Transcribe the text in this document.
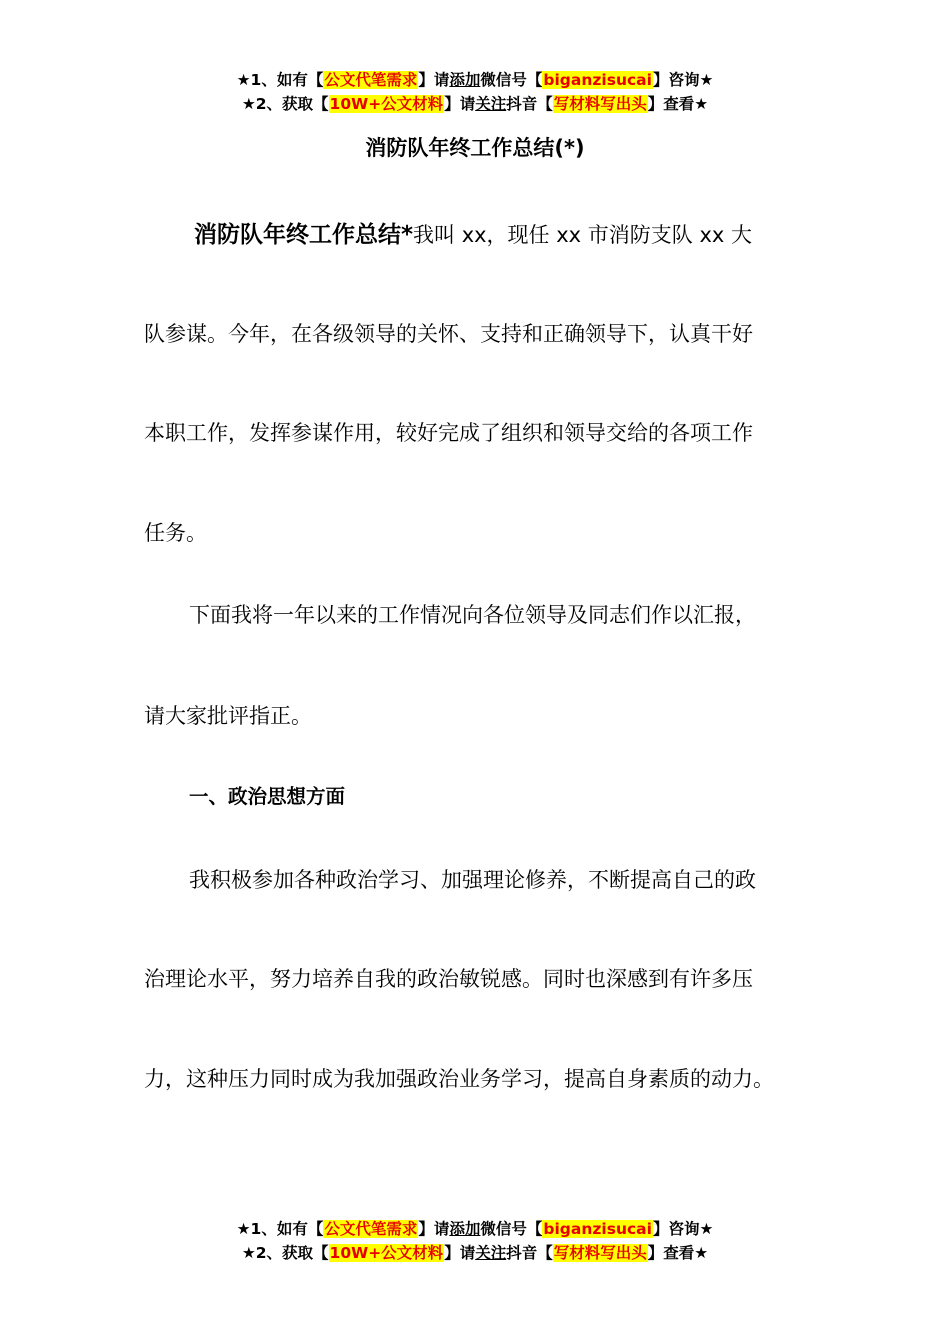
★1、如有【公文代笔需求】请添加微信号【biganzisucai】咨询★
★2、获取【10W+公文材料】请关注抖音【写材料写出头】查看★
消防队年终工作总结(*)
消防队年终工作总结*我叫 xx，现任 xx 市消防支队 xx 大
队参谋。今年，在各级领导的关怀、支持和正确领导下，认真干好
本职工作，发挥参谋作用，较好完成了组织和领导交给的各项工作
任务。
下面我将一年以来的工作情况向各位领导及同志们作以汇报，
请大家批评指正。
一、政治思想方面
我积极参加各种政治学习、加强理论修养，不断提高自己的政
治理论水平，努力培养自我的政治敏锐感。同时也深感到有许多压
力，这种压力同时成为我加强政治业务学习，提高自身素质的动力。
★1、如有【公文代笔需求】请添加微信号【biganzisucai】咨询★
★2、获取【10W+公文材料】请关注抖音【写材料写出头】查看★
